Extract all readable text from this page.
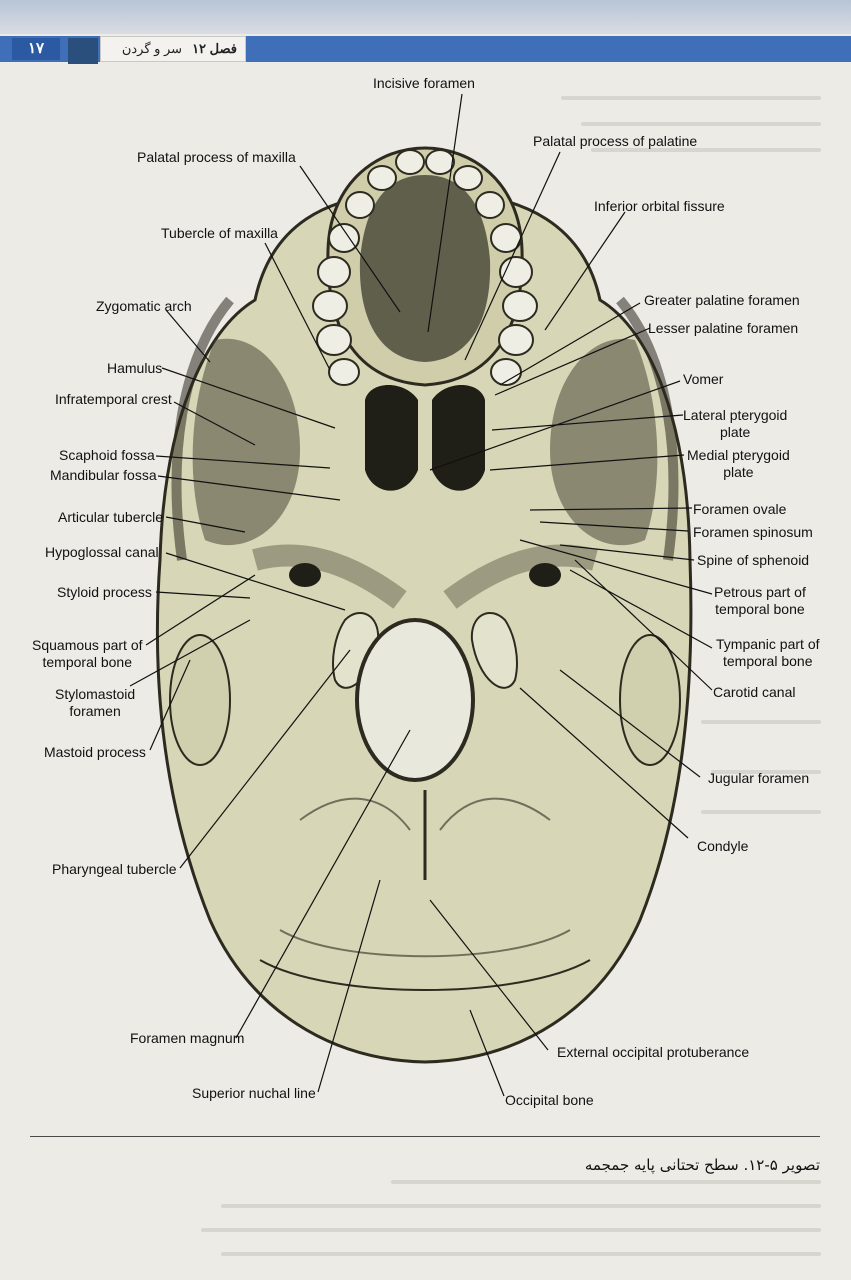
۱۷	فصل ۱۲سر و گردن
Incisive foramen
Palatal process of palatine
Palatal process of maxilla
Inferior orbital fissure
Tubercle of maxilla
Zygomatic arch	Greater palatine foramen
Lesser palatine foramen
Hamulus
Vomer
Infratemporal crest
Lateral pterygoid
plate
Scaphoid fossa
Mandibular fossa
Medial pterygoid
plate
Foramen ovale
Articular tubercle
Foramen spinosum
Hypoglossal canal	Spine of sphenoid
Styloid process	Petrous part of
temporal bone
Squamous part of
temporal bone
Tympanic part of
temporal bone
Stylomastoid
foramen
Carotid canal
Mastoid process
Jugular foramen
Condyle
Pharyngeal tubercle
Foramen magnum
External occipital protuberance
Superior nuchal line	Occipital bone
تصویر ۵-۱۲. سطح تحتانی پایه جمجمه
